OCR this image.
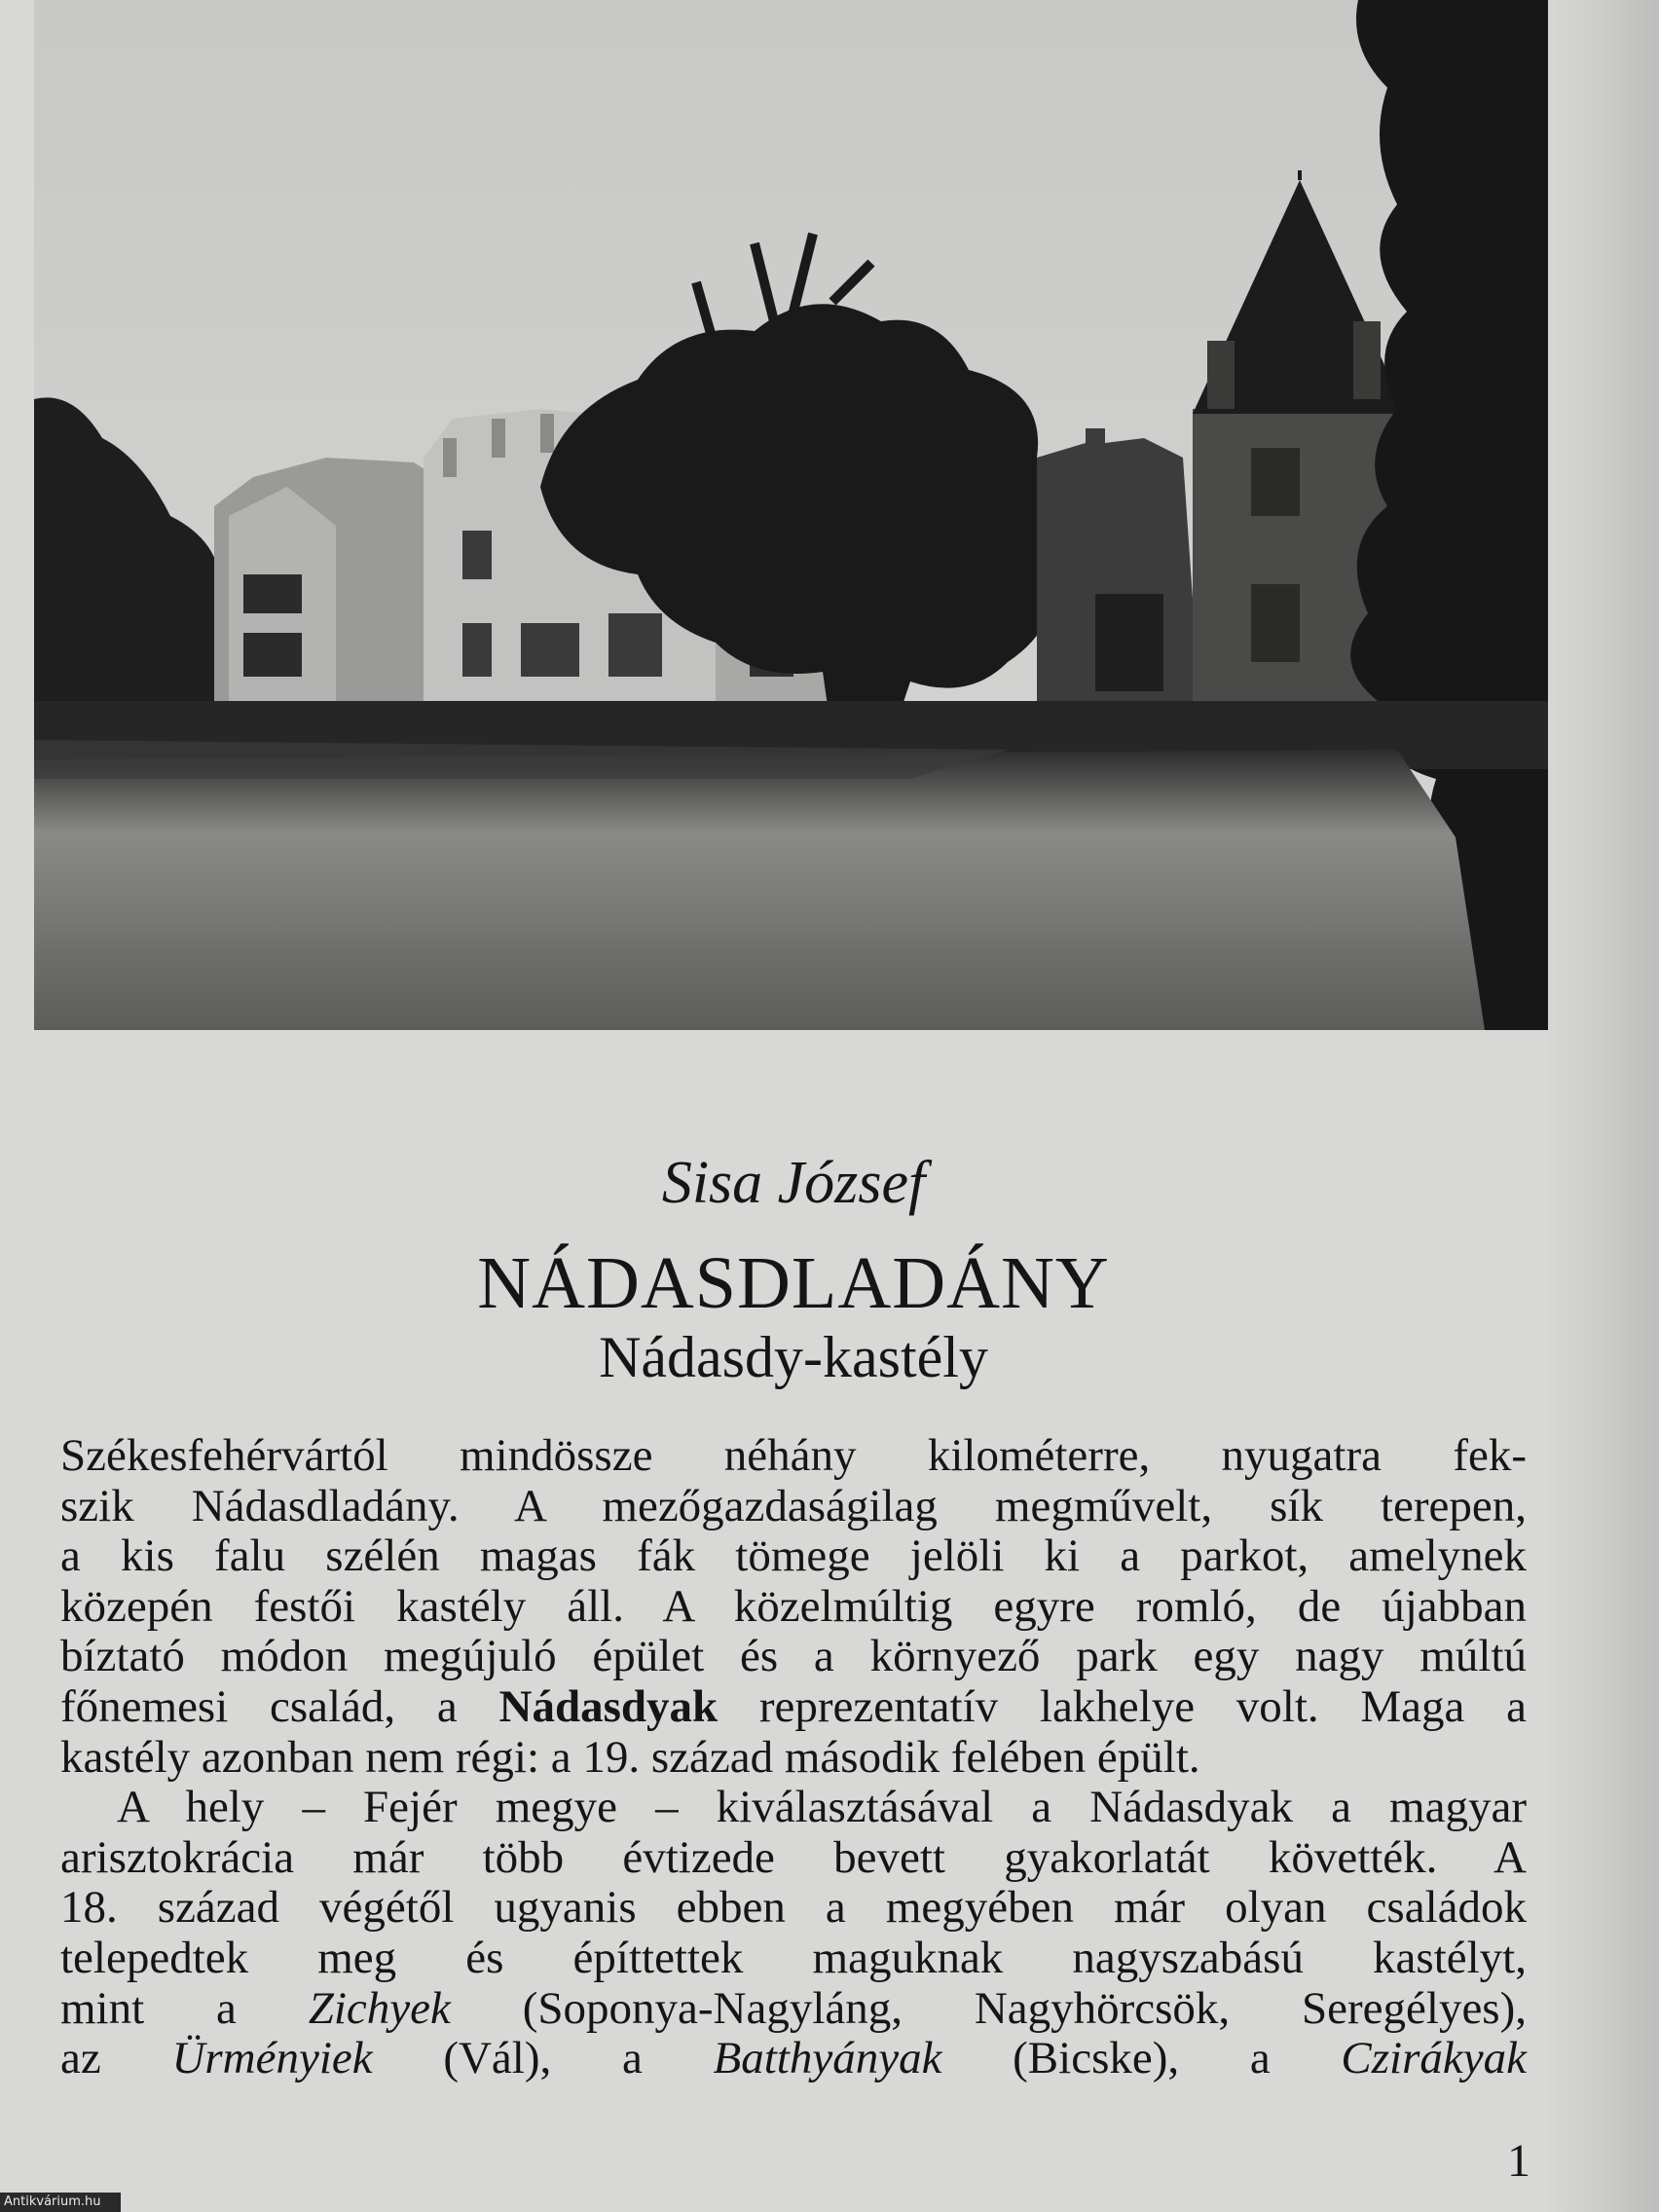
Sisa József
NÁDASDLADÁNY
Nádasdy-kastély
Székesfehérvártól mindössze néhány kilométerre, nyugatra fek-
szik Nádasdladány. A mezőgazdaságilag megművelt, sík terepen,
a kis falu szélén magas fák tömege jelöli ki a parkot, amelynek
közepén festői kastély áll. A közelmúltig egyre romló, de újabban
bíztató módon megújuló épület és a környező park egy nagy múltú
főnemesi család, a Nádasdyak reprezentatív lakhelye volt. Maga a
kastély azonban nem régi: a 19. század második felében épült.
A hely – Fejér megye – kiválasztásával a Nádasdyak a magyar
arisztokrácia már több évtizede bevett gyakorlatát követték. A
18. század végétől ugyanis ebben a megyében már olyan családok
telepedtek meg és építtettek maguknak nagyszabású kastélyt,
mint a Zichyek (Soponya-Nagyláng, Nagyhörcsök, Seregélyes),
az Ürményiek (Vál), a Batthyányak (Bicske), a Czirákyak
1
Antikvárium.hu
